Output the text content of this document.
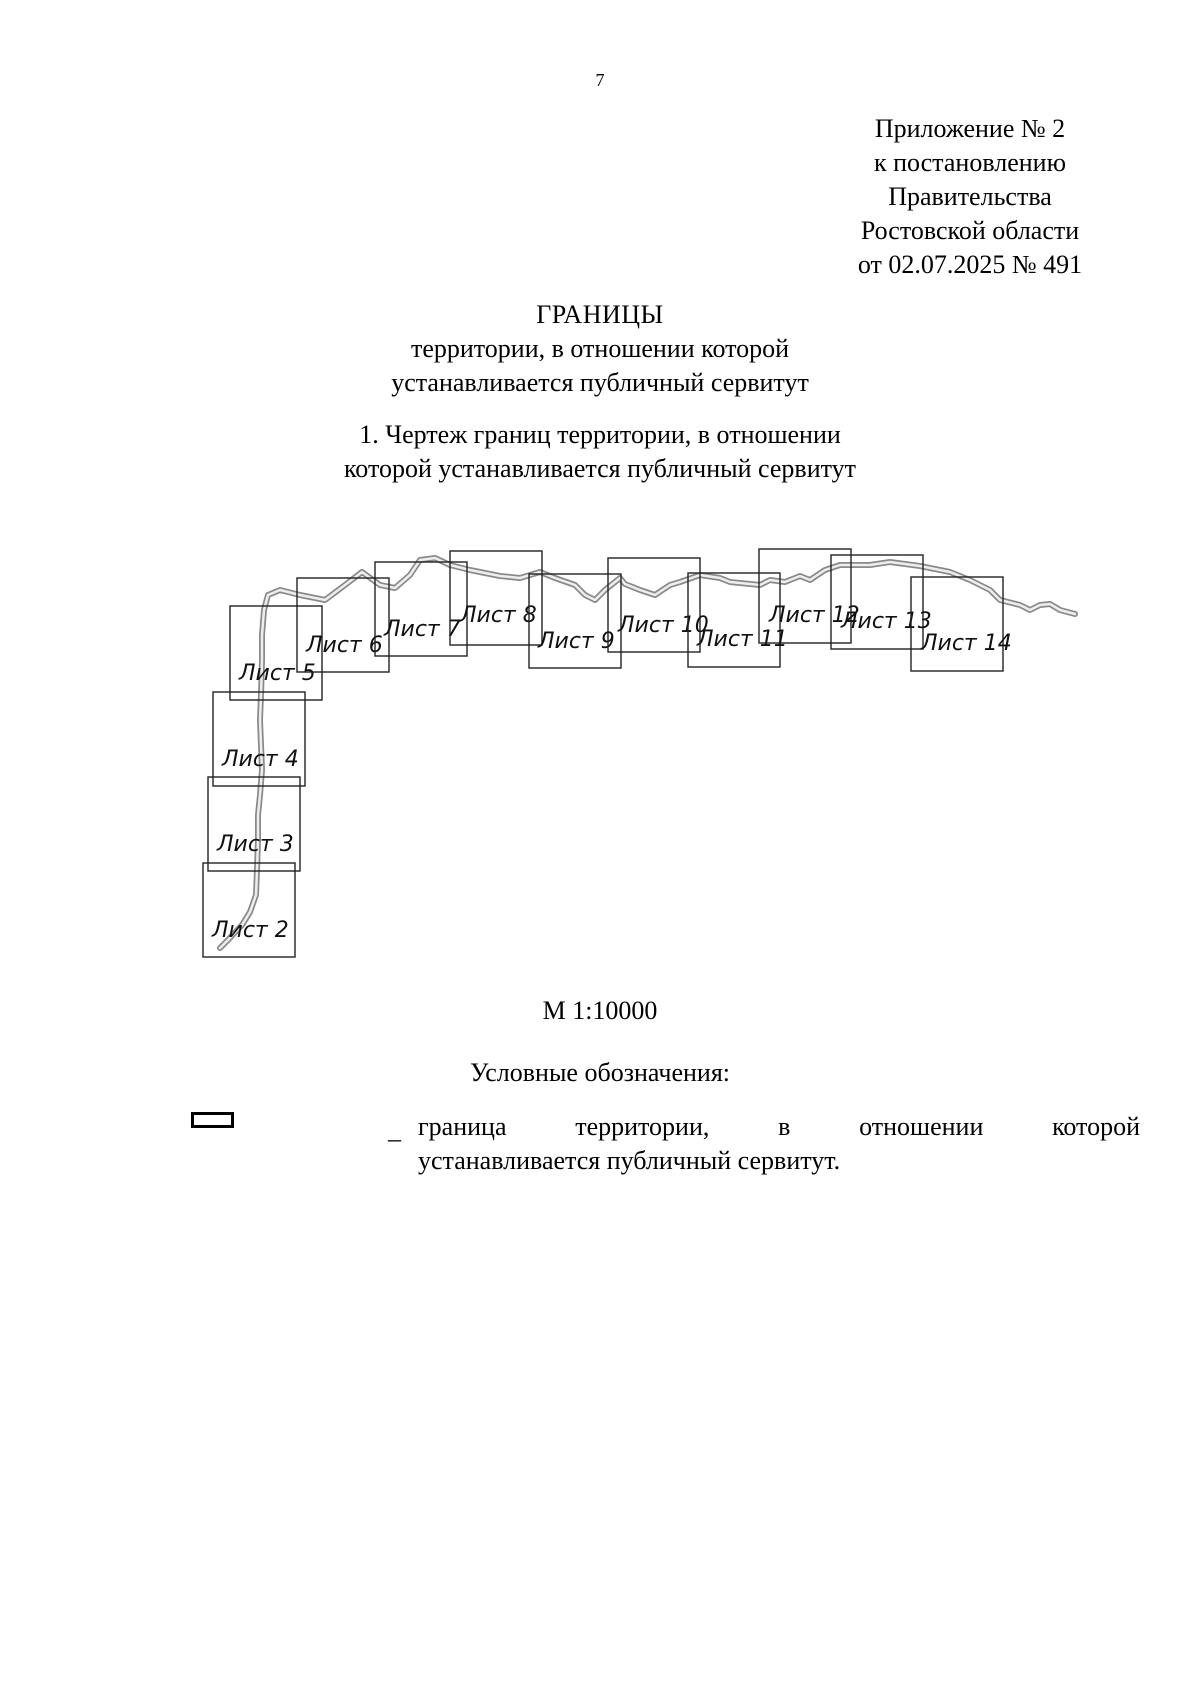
7
Приложение № 2
к постановлению
Правительства
Ростовской области
от 02.07.2025 № 491
ГРАНИЦЫ
территории, в отношении которой
устанавливается публичный сервитут
1. Чертеж границ территории, в отношении
которой устанавливается публичный сервитут
Лист 2
Лист 3
Лист 4
Лист 5
Лист 6
Лист 7
Лист 8
Лист 9
Лист 10
Лист 11
Лист 12
Лист 13
Лист 14
М 1:10000
Условные обозначения:
_ граница территории, в отношении которой
устанавливается публичный сервитут.
